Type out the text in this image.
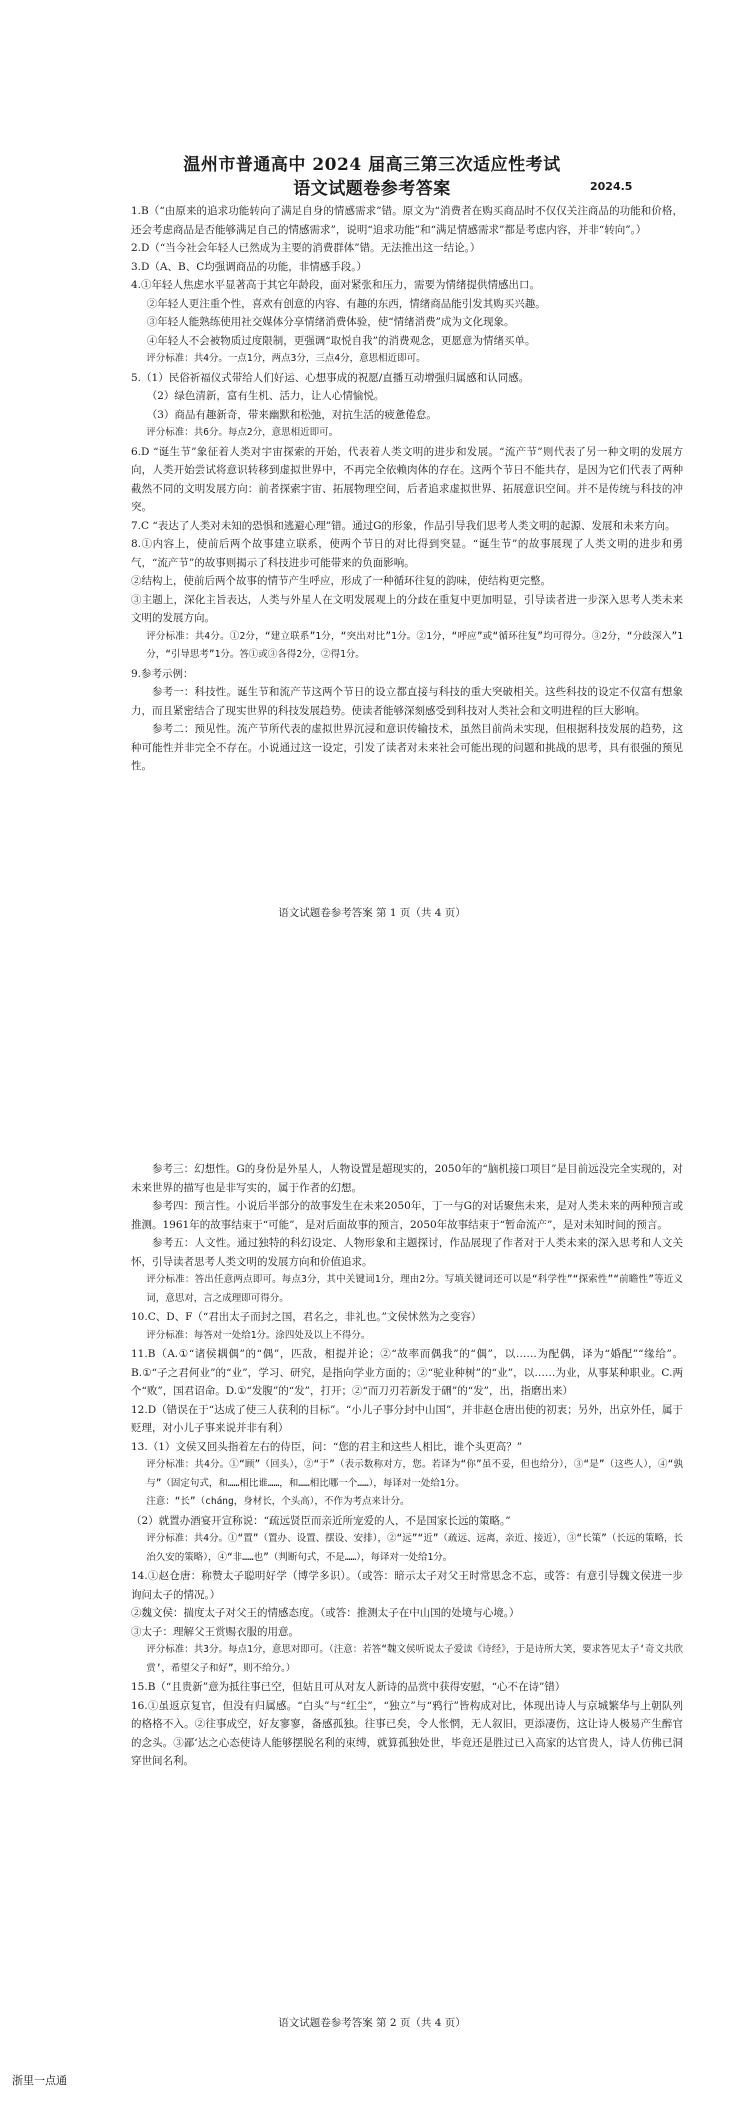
温州市普通高中 2024 届高三第三次适应性考试
语文试题卷参考答案	2024.5

1.B（“由原来的追求功能转向了满足自身的情感需求”错。原文为“消费者在购买商品时不仅仅关注商品的功能和价格，还会考虑商品是否能够满足自己的情感需求”，说明“追求功能”和“满足情感需求”都是考虑内容，并非“转向”。）

2.D（“当今社会年轻人已然成为主要的消费群体”错。无法推出这一结论。）

3.D（A、B、C均强调商品的功能，非情感手段。）

4.①年轻人焦虑水平显著高于其它年龄段，面对紧张和压力，需要为情绪提供情感出口。

②年轻人更注重个性，喜欢有创意的内容、有趣的东西，情绪商品能引发其购买兴趣。

③年轻人能熟练使用社交媒体分享情绪消费体验，使“情绪消费”成为文化现象。

④年轻人不会被物质过度限制，更强调“取悦自我”的消费观念，更愿意为情绪买单。

评分标准：共4分。一点1分，两点3分，三点4分，意思相近即可。

5.（1）民俗祈福仪式带给人们好运、心想事成的祝愿/直播互动增强归属感和认同感。

（2）绿色清新，富有生机、活力，让人心情愉悦。

（3）商品有趣新奇，带来幽默和松弛，对抗生活的疲惫倦怠。

评分标准：共6分。每点2分，意思相近即可。

6.D “诞生节”象征着人类对宇宙探索的开始，代表着人类文明的进步和发展。“流产节”则代表了另一种文明的发展方向，人类开始尝试将意识转移到虚拟世界中，不再完全依赖肉体的存在。这两个节日不能共存，是因为它们代表了两种截然不同的文明发展方向：前者探索宇宙、拓展物理空间，后者追求虚拟世界、拓展意识空间。并不是传统与科技的冲突。

7.C “表达了人类对未知的恐惧和逃避心理”错。通过G的形象，作品引导我们思考人类文明的起源、发展和未来方向。

8.①内容上，使前后两个故事建立联系，使两个节日的对比得到突显。“诞生节”的故事展现了人类文明的进步和勇气，“流产节”的故事则揭示了科技进步可能带来的负面影响。

②结构上，使前后两个故事的情节产生呼应，形成了一种循环往复的韵味，使结构更完整。

③主题上，深化主旨表达，人类与外星人在文明发展观上的分歧在重复中更加明显，引导读者进一步深入思考人类未来文明的发展方向。

评分标准：共4分。①2分，“建立联系”1分，“突出对比”1分。②1分，“呼应”或“循环往复”均可得分。③2分，“分歧深入”1分，“引导思考”1分。答①或③各得2分，②得1分。

9.参考示例：

参考一：科技性。诞生节和流产节这两个节日的设立都直接与科技的重大突破相关。这些科技的设定不仅富有想象力，而且紧密结合了现实世界的科技发展趋势。使读者能够深刻感受到科技对人类社会和文明进程的巨大影响。

参考二：预见性。流产节所代表的虚拟世界沉浸和意识传输技术，虽然目前尚未实现，但根据科技发展的趋势，这种可能性并非完全不存在。小说通过这一设定，引发了读者对未来社会可能出现的问题和挑战的思考，具有很强的预见性。

语文试题卷参考答案 第 1 页（共 4 页）

参考三：幻想性。G的身份是外星人，人物设置是超现实的，2050年的“脑机接口项目”是目前远没完全实现的，对未来世界的描写也是非写实的，属于作者的幻想。

参考四：预言性。小说后半部分的故事发生在未来2050年，丁一与G的对话聚焦未来，是对人类未来的两种预言或推测。1961年的故事结束于“可能”，是对后面故事的预言，2050年故事结束于“暂命流产”，是对未知时间的预言。

参考五：人文性。通过独特的科幻设定、人物形象和主题探讨，作品展现了作者对于人类未来的深入思考和人文关怀，引导读者思考人类文明的发展方向和价值追求。

评分标准：答出任意两点即可。每点3分，其中关键词1分，理由2分。写填关键词还可以是“科学性”“探索性”“前瞻性”等近义词，意思对，言之成理即可得分。

10.C、D、F（“君出太子而封之国，君名之，非礼也。”文侯怵然为之变容）

评分标准：每答对一处给1分。涂四处及以上不得分。

11.B（A.①“诸侯耦偶”的“偶”，匹敌，相提并论；②“故率而偶我”的“偶”，以……为配偶，译为“婚配”“缘给”。B.①“子之君何业”的“业”，学习、研究，是指向学业方面的；②“驼业种树”的“业”，以……为业，从事某种职业。C.两个“败”，国君诏命。D.①“发腹”的“发”，打开；②“而刀刃若新发于硎”的“发”，出，指磨出来）

12.D（错误在于“达成了使三人获利的目标”。“小儿子事分封中山国”，并非赵仓唐出使的初衷；另外，出京外任，属于贬理，对小儿子事来说并非有利）

13.（1）文侯又回头指着左右的侍臣，问：“您的君主和这些人相比，谁个头更高？”

评分标准：共4分。①“顾”（回头），②“于”（表示数称对方，您。若译为“你”虽不妥，但也给分），③“是”（这些人），④“孰与”（固定句式，和……相比谁……，和……相比哪一个……），每译对一处给1分。

注意：“长”（cháng，身材长，个头高），不作为考点来计分。

（2）就置办酒宴开宣称说：“疏远贤臣而亲近所宠爱的人，不是国家长远的策略。”

评分标准：共4分。①“置”（置办、设置、摆设、安排），②“远”“近”（疏远、远离，亲近、接近），③“长策”（长远的策略，长治久安的策略），④“非……也”（判断句式，不是……），每译对一处给1分。

14.①赵仓唐：称赞太子聪明好学（博学多识）。（或答：暗示太子对父王时常思念不忘，或答：有意引导魏文侯进一步询问太子的情况。）

②魏文侯：揣度太子对父王的情感态度。（或答：推测太子在中山国的处境与心境。）

③太子：理解父王赏赐衣服的用意。

评分标准：共3分。每点1分，意思对即可。（注意：若答“魏文侯听说太子爱读《诗经》，于是诗所大笑，要求答见太子‘奇文共欣赏’，希望父子和好”，则不给分。）

15.B（“且贵新”意为抵往事已空，但姑且可从对友人新诗的品赏中获得安慰，“心不在诗”错）

16.①虽返京复官，但没有归属感。“白头”与“红尘”，“独立”与“鸦行”皆构成对比，体现出诗人与京城繁华与上朝队列的格格不入。②往事成空，好友寥寥，备感孤独。往事已矣，令人怅惘，无人叙旧，更添凄伤，这让诗人极易产生醉官的念头。③鄙‘达之心态使诗人能够摆脱名利的束缚，就算孤独处世，毕竟还是胜过已入高家的达官贵人，诗人仿佛已洞穿世间名利。

语文试题卷参考答案 第 2 页（共 4 页）
浙里一点通
